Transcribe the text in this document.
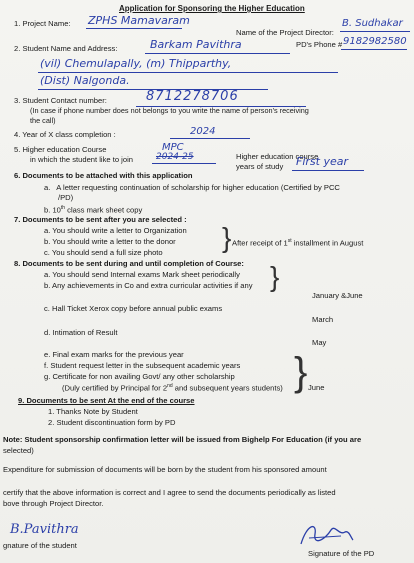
Application for Sponsoring the Higher Education
1. Project Name: ZPHS Mamavaram
Name of the Project Director:
B. Sudhakar
PD's Phone # 9182982580
2. Student Name and Address:	Barkam Pavithra
(vil) Chemulapally, (m) Thipparthy,
(Dist) Nalgonda.
3. Student Contact number:	8712278706
(In case if phone number does not belongs to you write the name of person's receiving
the call)
4. Year of X class completion :	2024
5. Higher education Course
in which the student like to join
MPC
2024-25	Higher education course
years of study First year
6. Documents to be attached with this application
a.   A letter requesting continuation of scholarship for higher education (Certified by PCC
/PD)
b. 10th class mark sheet copy
7. Documents to be sent after you are selected :
a. You should write a letter to Organization
b. You should write a letter to the donor
c. You should send a full size photo } After receipt of 1st installment in August
8. Documents to be sent during and until completion of Course:
a. You should send Internal exams Mark sheet periodically
b. Any achievements in Co and extra curricular activities if any }
January &June
c. Hall Ticket Xerox copy before annual public exams
March
d. Intimation of Result
May
e. Final exam marks for the previous year
f. Student request letter in the subsequent academic years
g. Certificate for non availing Govt/ any other scholarship
(Duly certified by Principal for 2nd and subsequent years students) } June
9. Documents to be sent At the end of the course
1. Thanks Note by Student
2. Student discontinuation form by PD
Note: Student sponsorship confirmation letter will be issued from Bighelp For Education (if you are
selected)
Expenditure for submission of documents will be born by the student from his sponsored amount
certify that the above information is correct and I agree to send the documents periodically as listed
bove through Project Director.
B.Pavithra
gnature of the student
Signature of the PD
